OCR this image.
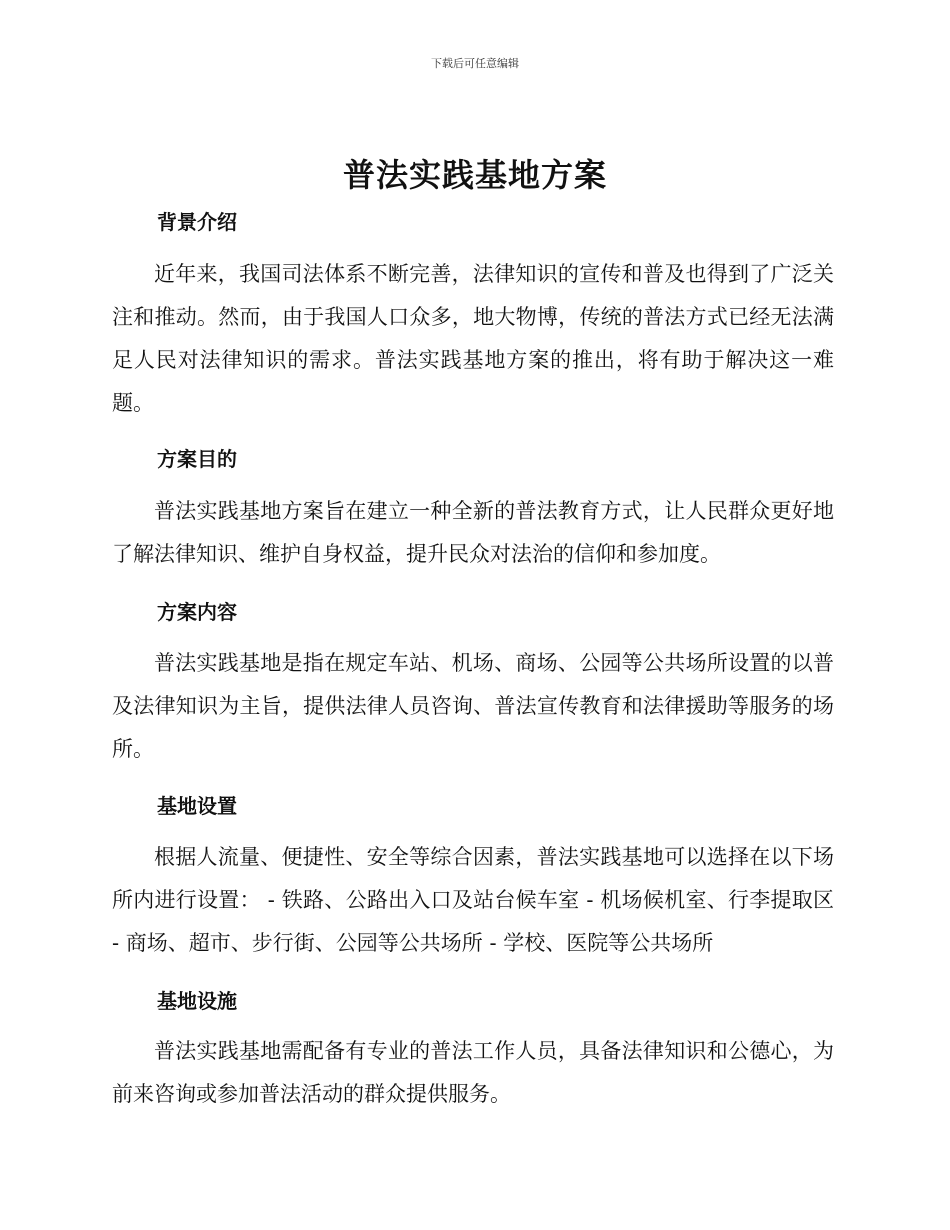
下载后可任意编辑
普法实践基地方案
背景介绍

近年来，我国司法体系不断完善，法律知识的宣传和普及也得到了广泛关注和推动。然而，由于我国人口众多，地大物博，传统的普法方式已经无法满足人民对法律知识的需求。普法实践基地方案的推出，将有助于解决这一难题。

方案目的

普法实践基地方案旨在建立一种全新的普法教育方式，让人民群众更好地了解法律知识、维护自身权益，提升民众对法治的信仰和参加度。

方案内容

普法实践基地是指在规定车站、机场、商场、公园等公共场所设置的以普及法律知识为主旨，提供法律人员咨询、普法宣传教育和法律援助等服务的场所。

基地设置

根据人流量、便捷性、安全等综合因素，普法实践基地可以选择在以下场所内进行设置： - 铁路、公路出入口及站台候车室 - 机场候机室、行李提取区 - 商场、超市、步行街、公园等公共场所 - 学校、医院等公共场所

基地设施

普法实践基地需配备有专业的普法工作人员，具备法律知识和公德心，为前来咨询或参加普法活动的群众提供服务。
